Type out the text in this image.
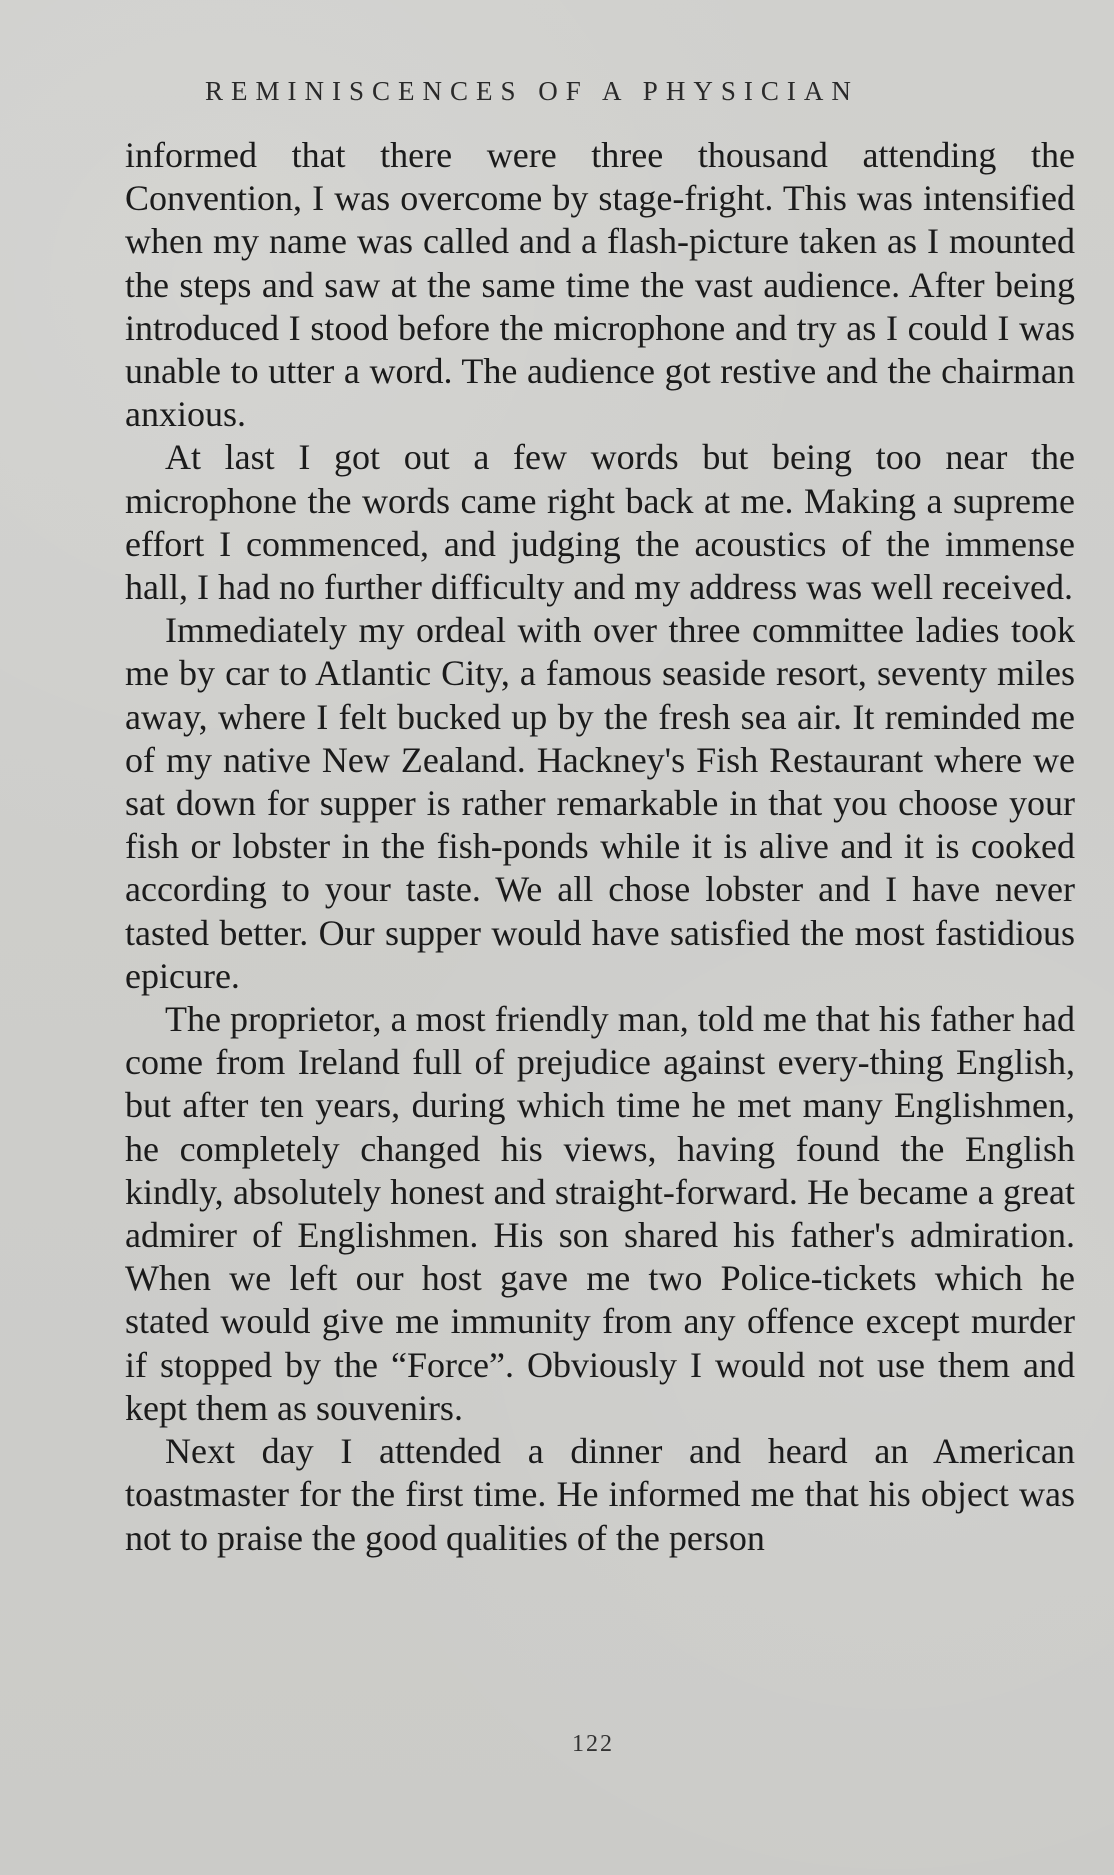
REMINISCENCES OF A PHYSICIAN

informed that there were three thousand attending the Convention, I was overcome by stage-fright. This was intensified when my name was called and a flash-picture taken as I mounted the steps and saw at the same time the vast audience. After being introduced I stood before the microphone and try as I could I was unable to utter a word. The audience got restive and the chairman anxious.

At last I got out a few words but being too near the microphone the words came right back at me. Making a supreme effort I commenced, and judging the acoustics of the immense hall, I had no further difficulty and my address was well received.

Immediately my ordeal with over three committee ladies took me by car to Atlantic City, a famous seaside resort, seventy miles away, where I felt bucked up by the fresh sea air. It reminded me of my native New Zealand. Hackney's Fish Restaurant where we sat down for supper is rather remarkable in that you choose your fish or lobster in the fish-ponds while it is alive and it is cooked according to your taste. We all chose lobster and I have never tasted better. Our supper would have satisfied the most fastidious epicure.

The proprietor, a most friendly man, told me that his father had come from Ireland full of prejudice against every-thing English, but after ten years, during which time he met many Englishmen, he completely changed his views, having found the English kindly, absolutely honest and straight-forward. He became a great admirer of Englishmen. His son shared his father's admiration. When we left our host gave me two Police-tickets which he stated would give me immunity from any offence except murder if stopped by the “Force”. Obviously I would not use them and kept them as souvenirs.

Next day I attended a dinner and heard an American toastmaster for the first time. He informed me that his object was not to praise the good qualities of the person

122
